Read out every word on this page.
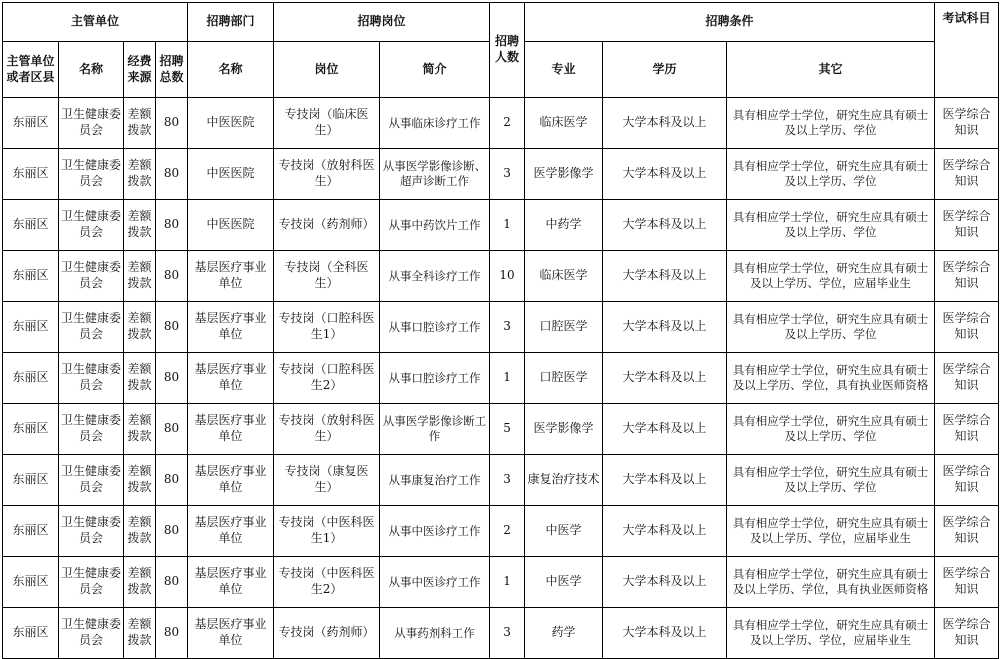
主管单位				招聘部门	招聘岗位		招聘人数	招聘条件			考试科目
主管单位或者区县	名称	经费来源	招聘总数	名称	岗位	简介		专业	学历	其它	
东丽区	卫生健康委员会	差额拨款	80	中医医院	专技岗（临床医生）	从事临床诊疗工作	2	临床医学	大学本科及以上	具有相应学士学位，研究生应具有硕士及以上学历、学位	医学综合知识
东丽区	卫生健康委员会	差额拨款	80	中医医院	专技岗（放射科医生）	从事医学影像诊断、超声诊断工作	3	医学影像学	大学本科及以上	具有相应学士学位，研究生应具有硕士及以上学历、学位	医学综合知识
东丽区	卫生健康委员会	差额拨款	80	中医医院	专技岗（药剂师）	从事中药饮片工作	1	中药学	大学本科及以上	具有相应学士学位，研究生应具有硕士及以上学历、学位	医学综合知识
东丽区	卫生健康委员会	差额拨款	80	基层医疗事业单位	专技岗（全科医生）	从事全科诊疗工作	10	临床医学	大学本科及以上	具有相应学士学位，研究生应具有硕士及以上学历、学位，应届毕业生	医学综合知识
东丽区	卫生健康委员会	差额拨款	80	基层医疗事业单位	专技岗（口腔科医生1）	从事口腔诊疗工作	3	口腔医学	大学本科及以上	具有相应学士学位，研究生应具有硕士及以上学历、学位	医学综合知识
东丽区	卫生健康委员会	差额拨款	80	基层医疗事业单位	专技岗（口腔科医生2）	从事口腔诊疗工作	1	口腔医学	大学本科及以上	具有相应学士学位，研究生应具有硕士及以上学历、学位，具有执业医师资格	医学综合知识
东丽区	卫生健康委员会	差额拨款	80	基层医疗事业单位	专技岗（放射科医生）	从事医学影像诊断工作	5	医学影像学	大学本科及以上	具有相应学士学位，研究生应具有硕士及以上学历、学位	医学综合知识
东丽区	卫生健康委员会	差额拨款	80	基层医疗事业单位	专技岗（康复医生）	从事康复治疗工作	3	康复治疗技术	大学本科及以上	具有相应学士学位，研究生应具有硕士及以上学历、学位	医学综合知识
东丽区	卫生健康委员会	差额拨款	80	基层医疗事业单位	专技岗（中医科医生1）	从事中医诊疗工作	2	中医学	大学本科及以上	具有相应学士学位，研究生应具有硕士及以上学历、学位，应届毕业生	医学综合知识
东丽区	卫生健康委员会	差额拨款	80	基层医疗事业单位	专技岗（中医科医生2）	从事中医诊疗工作	1	中医学	大学本科及以上	具有相应学士学位，研究生应具有硕士及以上学历、学位，具有执业医师资格	医学综合知识
东丽区	卫生健康委员会	差额拨款	80	基层医疗事业单位	专技岗（药剂师）	从事药剂科工作	3	药学	大学本科及以上	具有相应学士学位，研究生应具有硕士及以上学历、学位，应届毕业生	医学综合知识
